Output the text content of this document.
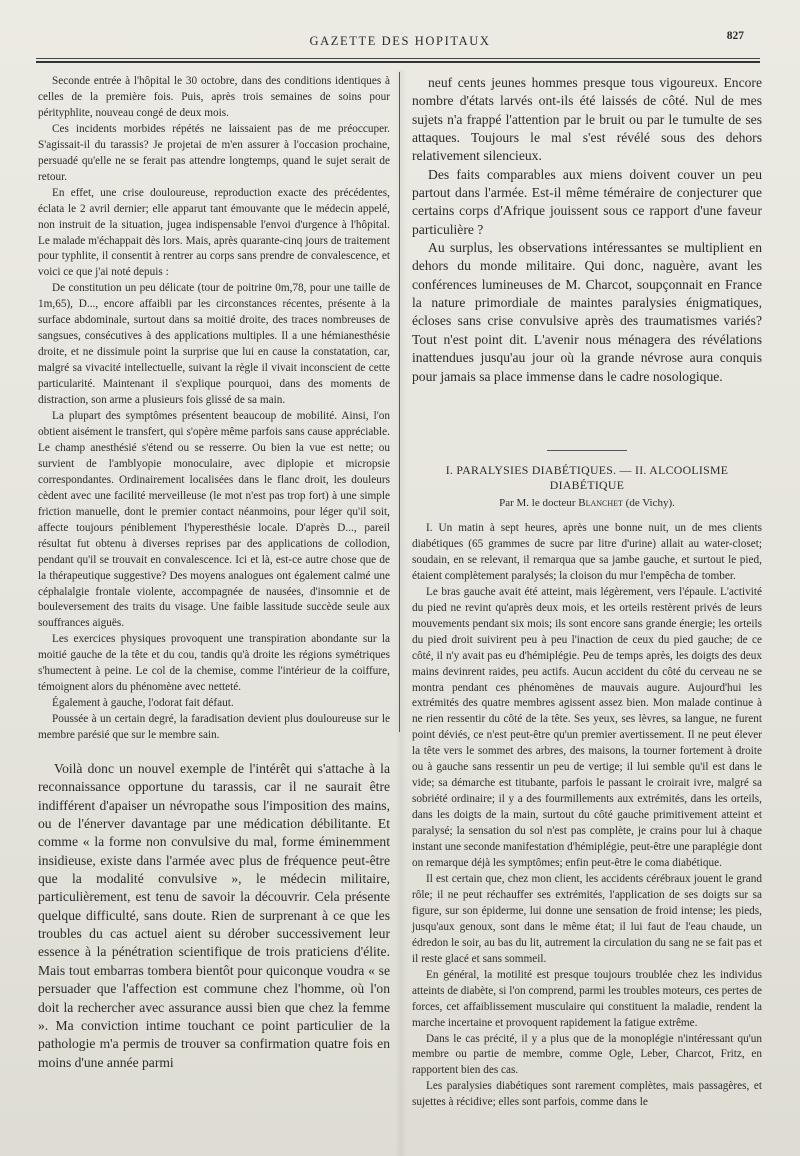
GAZETTE DES HOPITAUX	827

Seconde entrée à l'hôpital le 30 octobre, dans des conditions identiques à celles de la première fois. Puis, après trois semaines de soins pour pérityphlite, nouveau congé de deux mois.

Ces incidents morbides répétés ne laissaient pas de me préoccuper. S'agissait-il du tarassis? Je projetai de m'en assurer à l'occasion prochaine, persuadé qu'elle ne se ferait pas attendre longtemps, quand le sujet serait de retour.

En effet, une crise douloureuse, reproduction exacte des précédentes, éclata le 2 avril dernier; elle apparut tant émouvante que le médecin appelé, non instruit de la situation, jugea indispensable l'envoi d'urgence à l'hôpital. Le malade m'échappait dès lors. Mais, après quarante-cinq jours de traitement pour typhlite, il consentit à rentrer au corps sans prendre de convalescence, et voici ce que j'ai noté depuis :

De constitution un peu délicate (tour de poitrine 0m,78, pour une taille de 1m,65), D..., encore affaibli par les circonstances récentes, présente à la surface abdominale, surtout dans sa moitié droite, des traces nombreuses de sangsues, consécutives à des applications multiples. Il a une hémianesthésie droite, et ne dissimule point la surprise que lui en cause la constatation, car, malgré sa vivacité intellectuelle, suivant la règle il vivait inconscient de cette particularité. Maintenant il s'explique pourquoi, dans des moments de distraction, son arme a plusieurs fois glissé de sa main.

La plupart des symptômes présentent beaucoup de mobilité. Ainsi, l'on obtient aisément le transfert, qui s'opère même parfois sans cause appréciable. Le champ anesthésié s'étend ou se resserre. Ou bien la vue est nette; ou survient de l'amblyopie monoculaire, avec diplopie et micropsie correspondantes. Ordinairement localisées dans le flanc droit, les douleurs cèdent avec une facilité merveilleuse (le mot n'est pas trop fort) à une simple friction manuelle, dont le premier contact néanmoins, pour léger qu'il soit, affecte toujours péniblement l'hyperesthésie locale. D'après D..., pareil résultat fut obtenu à diverses reprises par des applications de collodion, pendant qu'il se trouvait en convalescence. Ici et là, est-ce autre chose que de la thérapeutique suggestive? Des moyens analogues ont également calmé une céphalalgie frontale violente, accompagnée de nausées, d'insomnie et de bouleversement des traits du visage. Une faible lassitude succède seule aux souffrances aiguës.

Les exercices physiques provoquent une transpiration abondante sur la moitié gauche de la tête et du cou, tandis qu'à droite les régions symétriques s'humectent à peine. Le col de la chemise, comme l'intérieur de la coiffure, témoignent alors du phénomène avec netteté.

Également à gauche, l'odorat fait défaut.

Poussée à un certain degré, la faradisation devient plus douloureuse sur le membre parésié que sur le membre sain.

Voilà donc un nouvel exemple de l'intérêt qui s'attache à la reconnaissance opportune du tarassis, car il ne saurait être indifférent d'apaiser un névropathe sous l'imposition des mains, ou de l'énerver davantage par une médication débilitante. Et comme « la forme non convulsive du mal, forme éminemment insidieuse, existe dans l'armée avec plus de fréquence peut-être que la modalité convulsive », le médecin militaire, particulièrement, est tenu de savoir la découvrir. Cela présente quelque difficulté, sans doute. Rien de surprenant à ce que les troubles du cas actuel aient su dérober successivement leur essence à la pénétration scientifique de trois praticiens d'élite. Mais tout embarras tombera bientôt pour quiconque voudra « se persuader que l'affection est commune chez l'homme, où l'on doit la rechercher avec assurance aussi bien que chez la femme ». Ma conviction intime touchant ce point particulier de la pathologie m'a permis de trouver sa confirmation quatre fois en moins d'une année parmi

neuf cents jeunes hommes presque tous vigoureux. Encore nombre d'états larvés ont-ils été laissés de côté. Nul de mes sujets n'a frappé l'attention par le bruit ou par le tumulte de ses attaques. Toujours le mal s'est révélé sous des dehors relativement silencieux.

Des faits comparables aux miens doivent couver un peu partout dans l'armée. Est-il même téméraire de conjecturer que certains corps d'Afrique jouissent sous ce rapport d'une faveur particulière ?

Au surplus, les observations intéressantes se multiplient en dehors du monde militaire. Qui donc, naguère, avant les conférences lumineuses de M. Charcot, soupçonnait en France la nature primordiale de maintes paralysies énigmatiques, écloses sans crise convulsive après des traumatismes variés? Tout n'est point dit. L'avenir nous ménagera des révélations inattendues jusqu'au jour où la grande névrose aura conquis pour jamais sa place immense dans le cadre nosologique.

I. PARALYSIES DIABÉTIQUES. — II. ALCOOLISME DIABÉTIQUE
Par M. le docteur Blanchet (de Vichy).

I. Un matin à sept heures, après une bonne nuit, un de mes clients diabétiques (65 grammes de sucre par litre d'urine) allait au water-closet; soudain, en se relevant, il remarqua que sa jambe gauche, et surtout le pied, étaient complètement paralysés; la cloison du mur l'empêcha de tomber.

Le bras gauche avait été atteint, mais légèrement, vers l'épaule. L'activité du pied ne revint qu'après deux mois, et les orteils restèrent privés de leurs mouvements pendant six mois; ils sont encore sans grande énergie; les orteils du pied droit suivirent peu à peu l'inaction de ceux du pied gauche; de ce côté, il n'y avait pas eu d'hémiplégie. Peu de temps après, les doigts des deux mains devinrent raides, peu actifs. Aucun accident du côté du cerveau ne se montra pendant ces phénomènes de mauvais augure. Aujourd'hui les extrémités des quatre membres agissent assez bien. Mon malade continue à ne rien ressentir du côté de la tête. Ses yeux, ses lèvres, sa langue, ne furent point déviés, ce n'est peut-être qu'un premier avertissement. Il ne peut élever la tête vers le sommet des arbres, des maisons, la tourner fortement à droite ou à gauche sans ressentir un peu de vertige; il lui semble qu'il est dans le vide; sa démarche est titubante, parfois le passant le croirait ivre, malgré sa sobriété ordinaire; il y a des fourmillements aux extrémités, dans les orteils, dans les doigts de la main, surtout du côté gauche primitivement atteint et paralysé; la sensation du sol n'est pas complète, je crains pour lui à chaque instant une seconde manifestation d'hémiplégie, peut-être une paraplégie dont on remarque déjà les symptômes; enfin peut-être le coma diabétique.

Il est certain que, chez mon client, les accidents cérébraux jouent le grand rôle; il ne peut réchauffer ses extrémités, l'application de ses doigts sur sa figure, sur son épiderme, lui donne une sensation de froid intense; les pieds, jusqu'aux genoux, sont dans le même état; il lui faut de l'eau chaude, un édredon le soir, au bas du lit, autrement la circulation du sang ne se fait pas et il reste glacé et sans sommeil.

En général, la motilité est presque toujours troublée chez les individus atteints de diabète, si l'on comprend, parmi les troubles moteurs, ces pertes de forces, cet affaiblissement musculaire qui constituent la maladie, rendent la marche incertaine et provoquent rapidement la fatigue extrême.

Dans le cas précité, il y a plus que de la monoplégie n'intéressant qu'un membre ou partie de membre, comme Ogle, Leber, Charcot, Fritz, en rapportent bien des cas.

Les paralysies diabétiques sont rarement complètes, mais passagères, et sujettes à récidive; elles sont parfois, comme dans le
